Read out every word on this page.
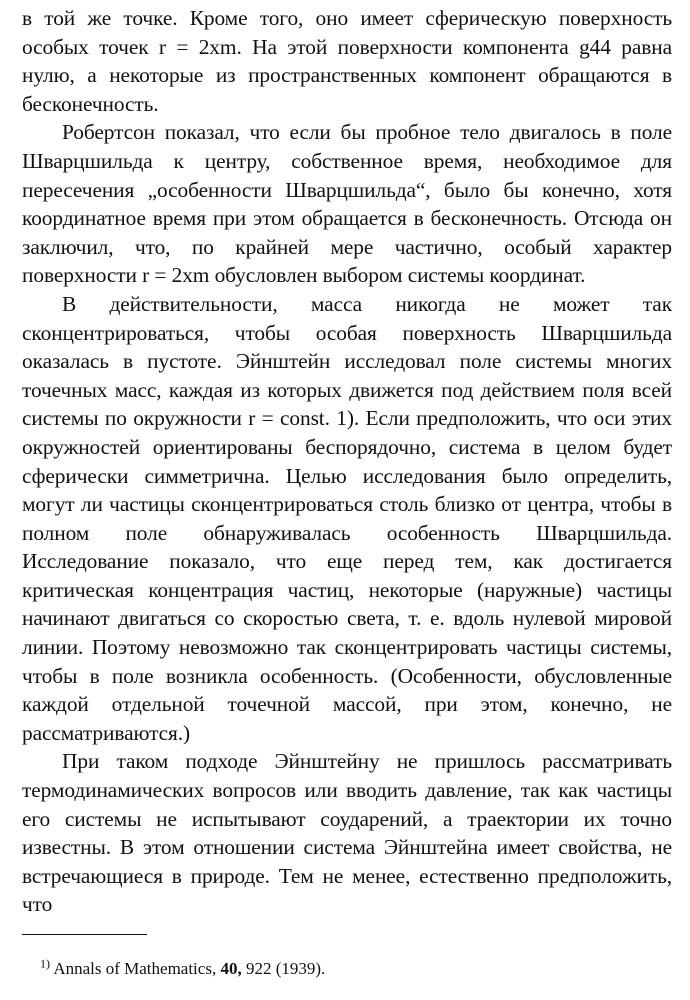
в той же точке. Кроме того, оно имеет сферическую поверхность особых точек r = 2xm. На этой поверхности компонента g44 равна нулю, а некоторые из пространственных компонент обращаются в бесконечность.

Робертсон показал, что если бы пробное тело двигалось в поле Шварцшильда к центру, собственное время, необходимое для пересечения „особенности Шварцшильда“, было бы конечно, хотя координатное время при этом обращается в бесконечность. Отсюда он заключил, что, по крайней мере частично, особый характер поверхности r = 2xm обусловлен выбором системы координат.

В действительности, масса никогда не может так сконцентрироваться, чтобы особая поверхность Шварцшильда оказалась в пустоте. Эйнштейн исследовал поле системы многих точечных масс, каждая из которых движется под действием поля всей системы по окружности r = const. 1). Если предположить, что оси этих окружностей ориентированы беспорядочно, система в целом будет сферически симметрична. Целью исследования было определить, могут ли частицы сконцентрироваться столь близко от центра, чтобы в полном поле обнаруживалась особенность Шварцшильда. Исследование показало, что еще перед тем, как достигается критическая концентрация частиц, некоторые (наружные) частицы начинают двигаться со скоростью света, т. е. вдоль нулевой мировой линии. Поэтому невозможно так сконцентрировать частицы системы, чтобы в поле возникла особенность. (Особенности, обусловленные каждой отдельной точечной массой, при этом, конечно, не рассматриваются.)

При таком подходе Эйнштейну не пришлось рассматривать термодинамических вопросов или вводить давление, так как частицы его системы не испытывают соударений, а траектории их точно известны. В этом отношении система Эйнштейна имеет свойства, не встречающиеся в природе. Тем не менее, естественно предположить, что

$^{1)}$ Annals of Mathematics, 40, 922 (1939).
